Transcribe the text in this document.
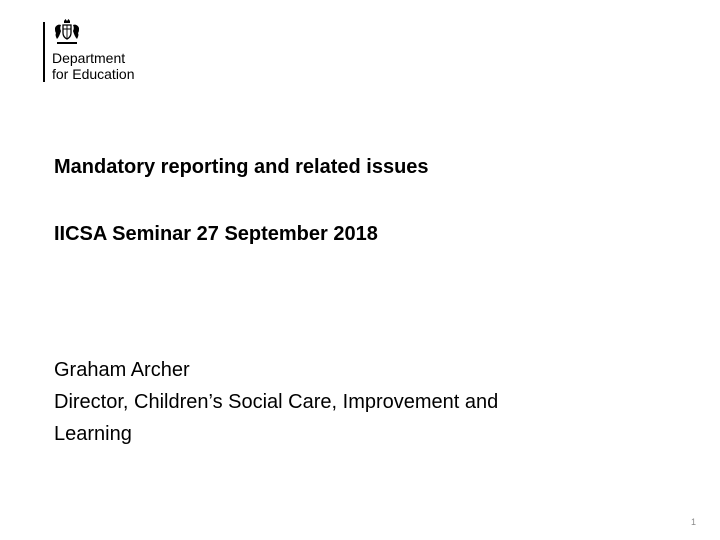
Department
for Education
Mandatory reporting and related issues
IICSA Seminar 27 September 2018
Graham Archer
Director, Children’s Social Care, Improvement and
Learning
1
